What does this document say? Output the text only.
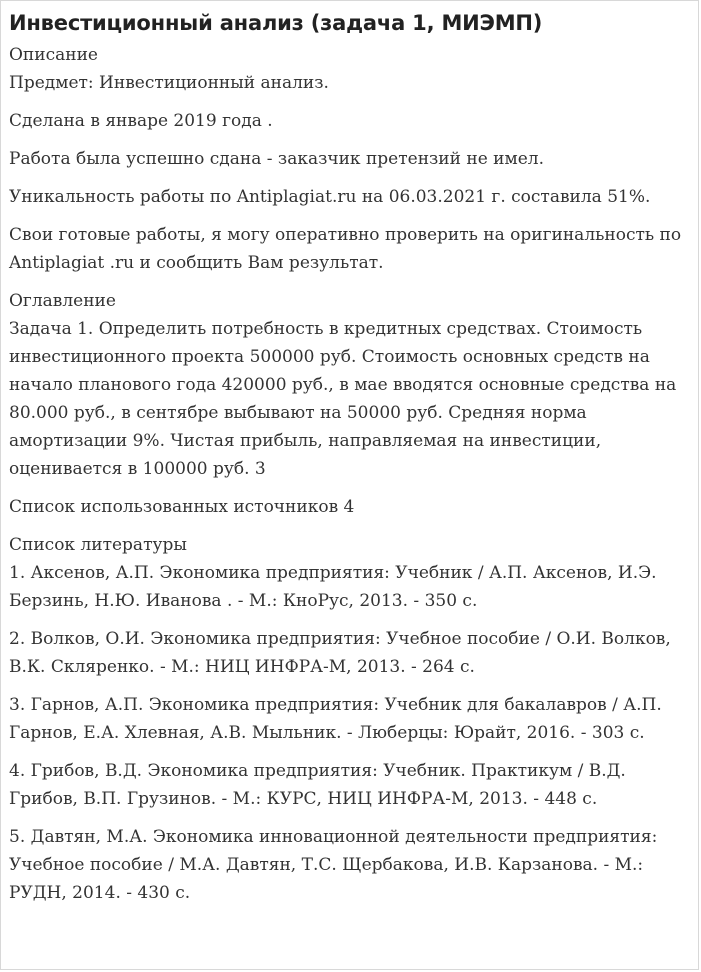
Инвестиционный анализ (задача 1, МИЭМП)
Описание

Предмет: Инвестиционный анализ.

Сделана в январе 2019 года .

Работа была успешно сдана - заказчик претензий не имел.

Уникальность работы по Antiplagiat.ru на 06.03.2021 г. составила 51%.

Свои готовые работы, я могу оперативно проверить на оригинальность по Antiplagiat .ru и сообщить Вам результат.

Оглавление

Задача 1. Определить потребность в кредитных средствах. Стоимость инвестиционного проекта 500000 руб. Стоимость основных средств на начало планового года 420000 руб., в мае вводятся основные средства на 80.000 руб., в сентябре выбывают на 50000 руб. Средняя норма амортизации 9%. Чистая прибыль, направляемая на инвестиции, оценивается в 100000 руб. 3

Список использованных источников 4

Список литературы
1. Аксенов, А.П. Экономика предприятия: Учебник / А.П. Аксенов, И.Э. Берзинь, Н.Ю. Иванова . - М.: КноРус, 2013. - 350 с.
2. Волков, О.И. Экономика предприятия: Учебное пособие / О.И. Волков, В.К. Скляренко. - М.: НИЦ ИНФРА-М, 2013. - 264 с.
3. Гарнов, А.П. Экономика предприятия: Учебник для бакалавров / А.П. Гарнов, Е.А. Хлевная, А.В. Мыльник. - Люберцы: Юрайт, 2016. - 303 с.
4. Грибов, В.Д. Экономика предприятия: Учебник. Практикум / В.Д. Грибов, В.П. Грузинов. - М.: КУРС, НИЦ ИНФРА-М, 2013. - 448 с.
5. Давтян, М.А. Экономика инновационной деятельности предприятия: Учебное пособие / М.А. Давтян, Т.С. Щербакова, И.В. Карзанова. - М.: РУДН, 2014. - 430 с.
